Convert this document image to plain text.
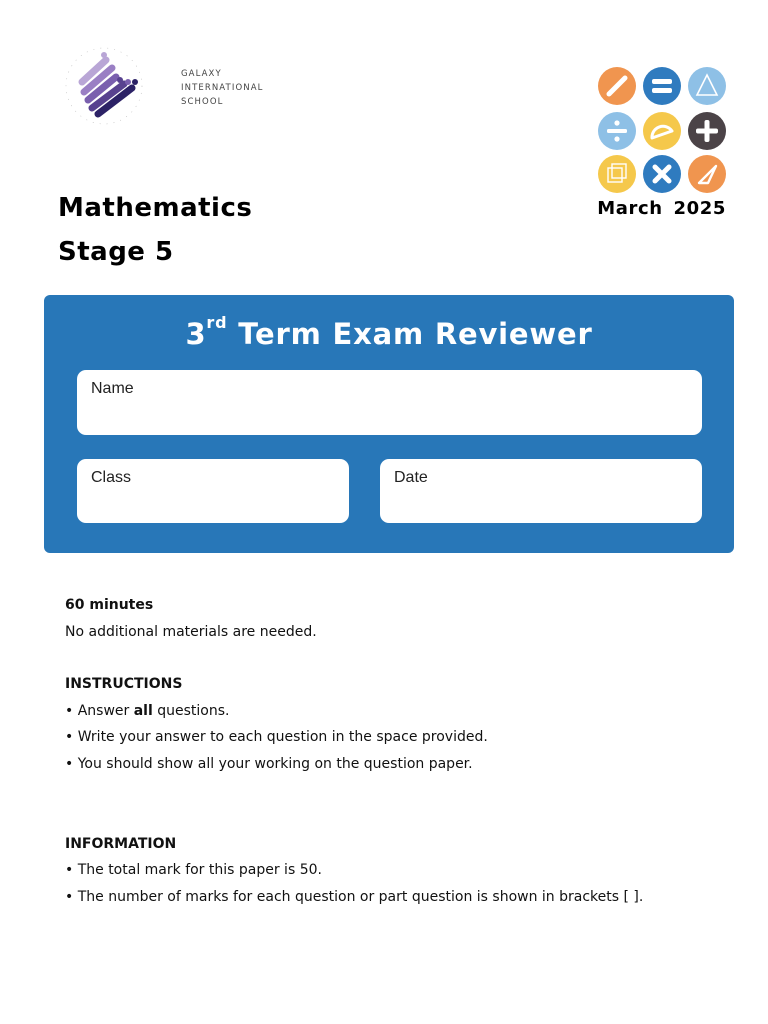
GALAXY
INTERNATIONAL
SCHOOL
Mathematics
Stage 5
March 2025
3rd Term Exam Reviewer
Name
Class	Date
60 minutes
No additional materials are needed.
INSTRUCTIONS
• Answer all questions.
• Write your answer to each question in the space provided.
• You should show all your working on the question paper.
INFORMATION
• The total mark for this paper is 50.
• The number of marks for each question or part question is shown in brackets [ ].
